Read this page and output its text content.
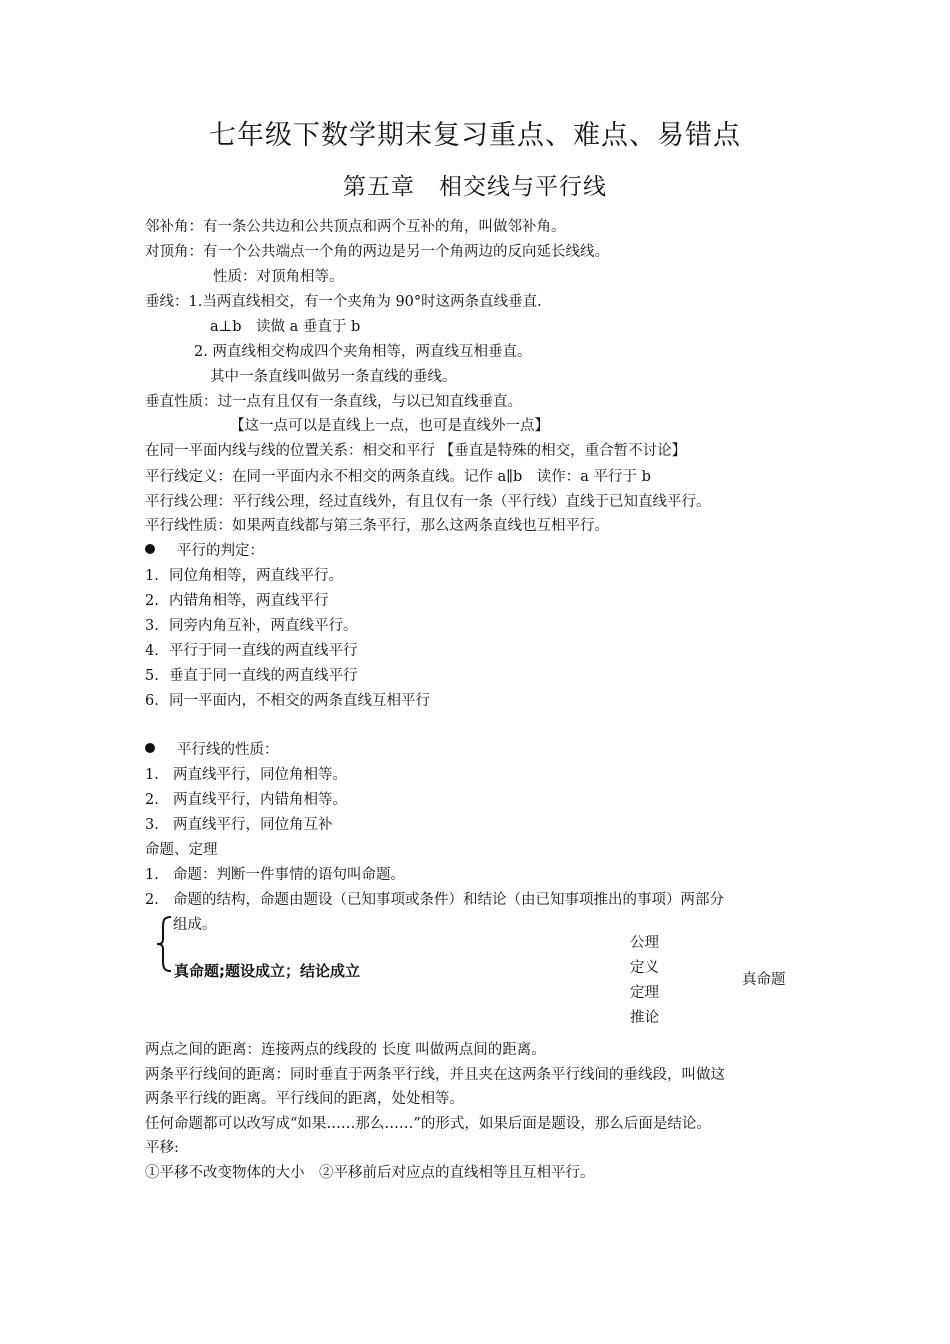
七年级下数学期末复习重点、难点、易错点
第五章　相交线与平行线
邻补角：有一条公共边和公共顶点和两个互补的角，叫做邻补角。
对顶角：有一个公共端点一个角的两边是另一个角两边的反向延长线线。
性质：对顶角相等。
垂线：1.当两直线相交，有一个夹角为 90°时这两条直线垂直.
a⊥b　读做 a 垂直于 b
2. 两直线相交构成四个夹角相等，两直线互相垂直。
其中一条直线叫做另一条直线的垂线。
垂直性质：过一点有且仅有一条直线，与以已知直线垂直。
【这一点可以是直线上一点，也可是直线外一点】
在同一平面内线与线的位置关系：相交和平行 【垂直是特殊的相交，重合暂不讨论】
平行线定义：在同一平面内永不相交的两条直线。记作 a∥b　读作：a 平行于 b
平行线公理：平行线公理，经过直线外，有且仅有一条（平行线）直线于已知直线平行。
平行线性质：如果两直线都与第三条平行，那么这两条直线也互相平行。
平行的判定：
1. 同位角相等，两直线平行。
2. 内错角相等，两直线平行
3. 同旁内角互补，两直线平行。
4. 平行于同一直线的两直线平行
5. 垂直于同一直线的两直线平行
6. 同一平面内，不相交的两条直线互相平行
平行线的性质：
1. 两直线平行，同位角相等。
2. 两直线平行，内错角相等。
3. 两直线平行，同位角互补
命题、定理
1. 命题：判断一件事情的语句叫命题。
2. 命题的结构，命题由题设（已知事项或条件）和结论（由已知事项推出的事项）两部分
组成。
真命题;题设成立；结论成立
公理
定义
定理
推论
真命题
两点之间的距离：连接两点的线段的 长度 叫做两点间的距离。
两条平行线间的距离：同时垂直于两条平行线，并且夹在这两条平行线间的垂线段，叫做这
两条平行线的距离。平行线间的距离，处处相等。
任何命题都可以改写成“如果……那么……”的形式，如果后面是题设，那么后面是结论。
平移:
①平移不改变物体的大小　②平移前后对应点的直线相等且互相平行。
